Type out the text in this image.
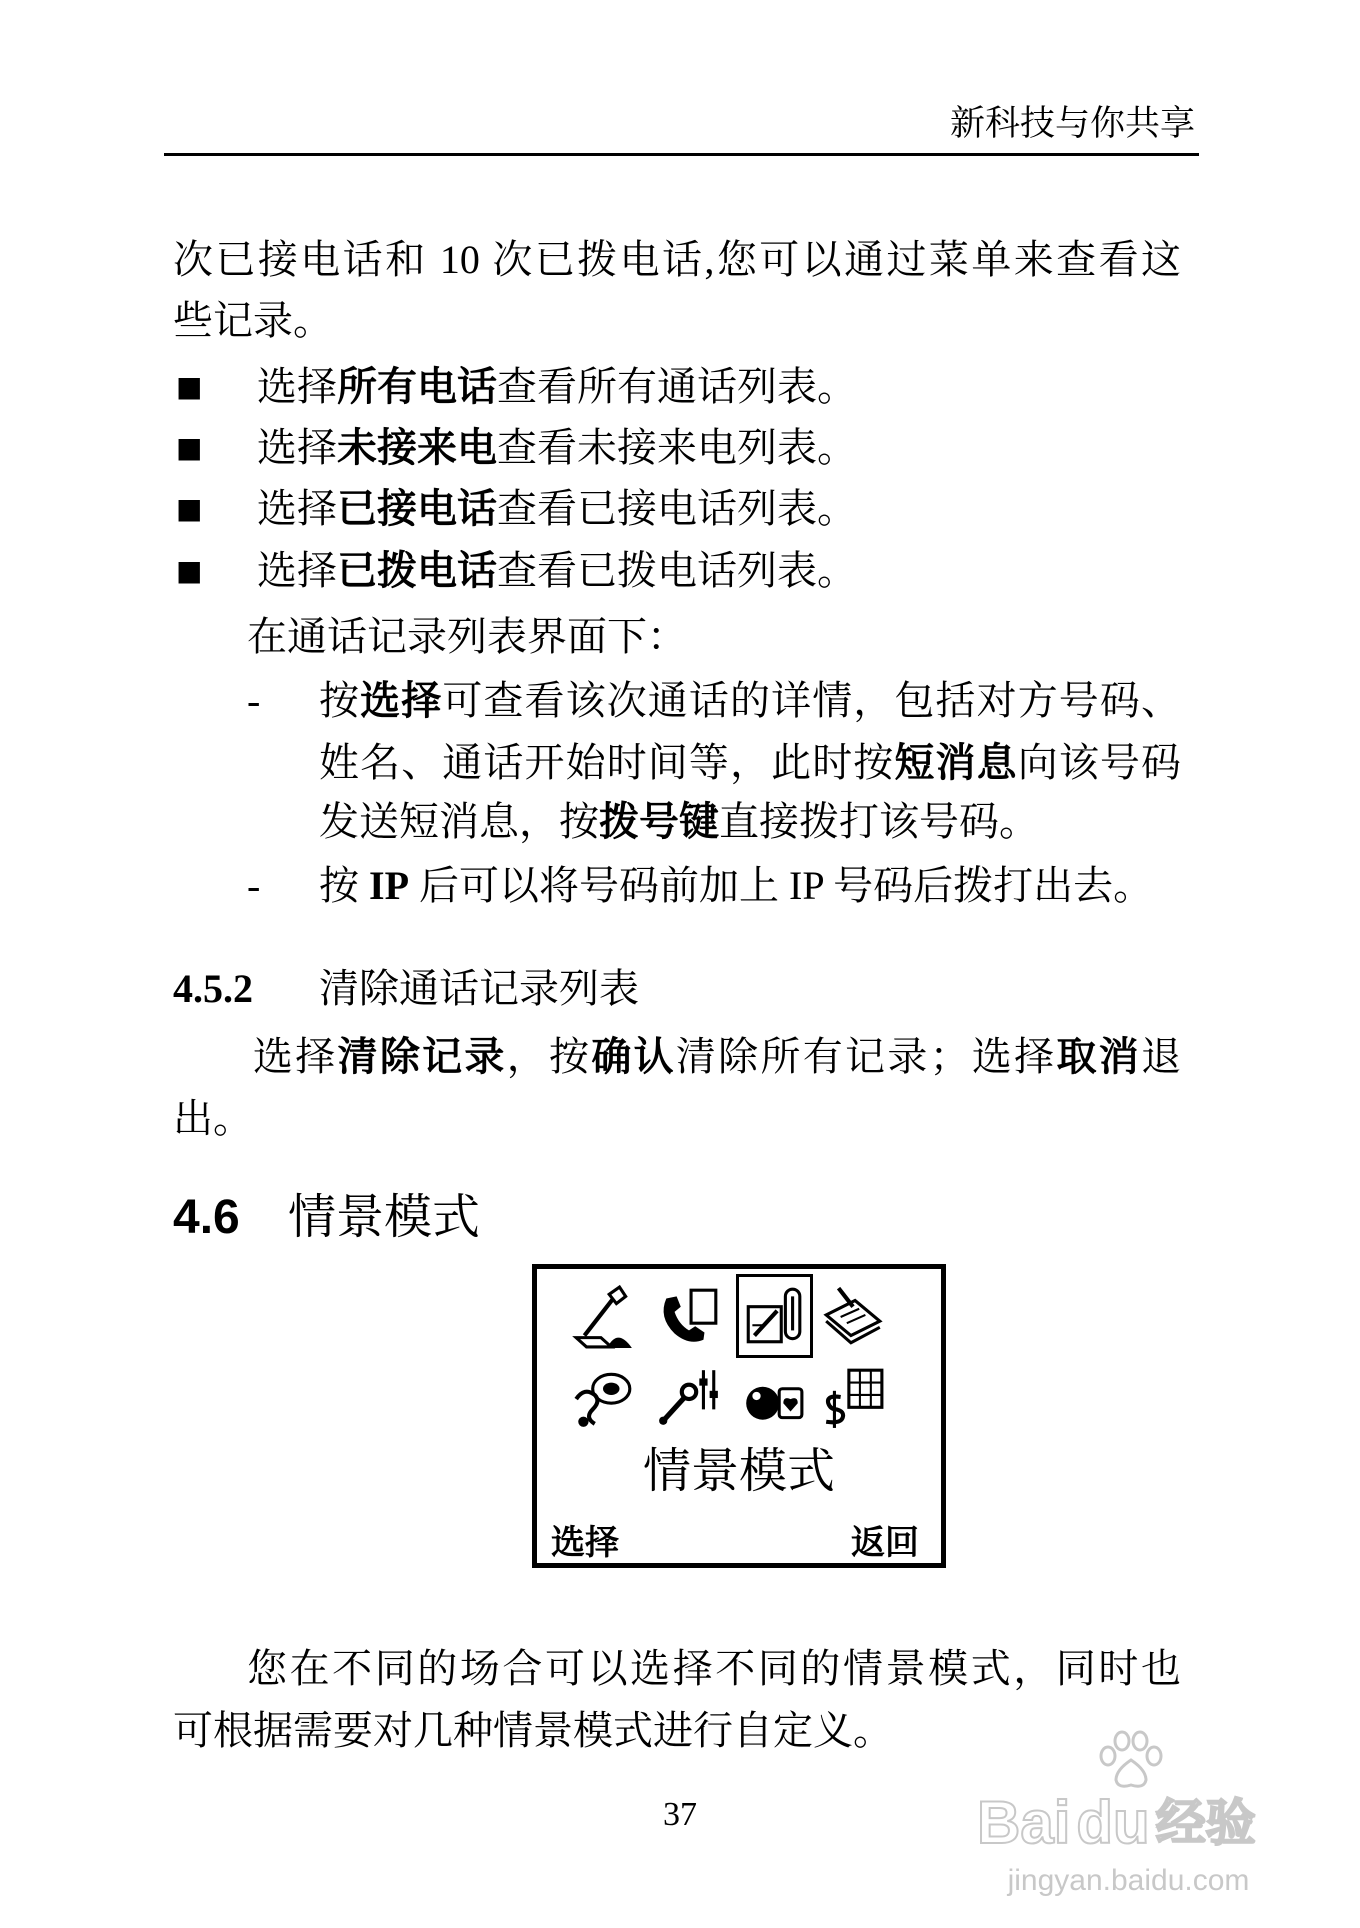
新科技与你共享
次已接电话和 10 次已拨电话,您可以通过菜单来查看这
些记录。
■ 选择所有电话查看所有通话列表。
■ 选择未接来电查看未接来电列表。
■ 选择已接电话查看已接电话列表。
■ 选择已拨电话查看已拨电话列表。
在通话记录列表界面下：
- 按选择可查看该次通话的详情，包括对方号码、
姓名、通话开始时间等，此时按短消息向该号码
发送短消息，按拨号键直接拨打该号码。
- 按 IP 后可以将号码前加上 IP 号码后拨打出去。
4.5.2 清除通话记录列表
选择清除记录，按确认清除所有记录；选择取消退
出。
4.6 情景模式
情景模式
选择	返回
您在不同的场合可以选择不同的情景模式，同时也
可根据需要对几种情景模式进行自定义。
37	Bai du 经验
jingyan.baidu.com
